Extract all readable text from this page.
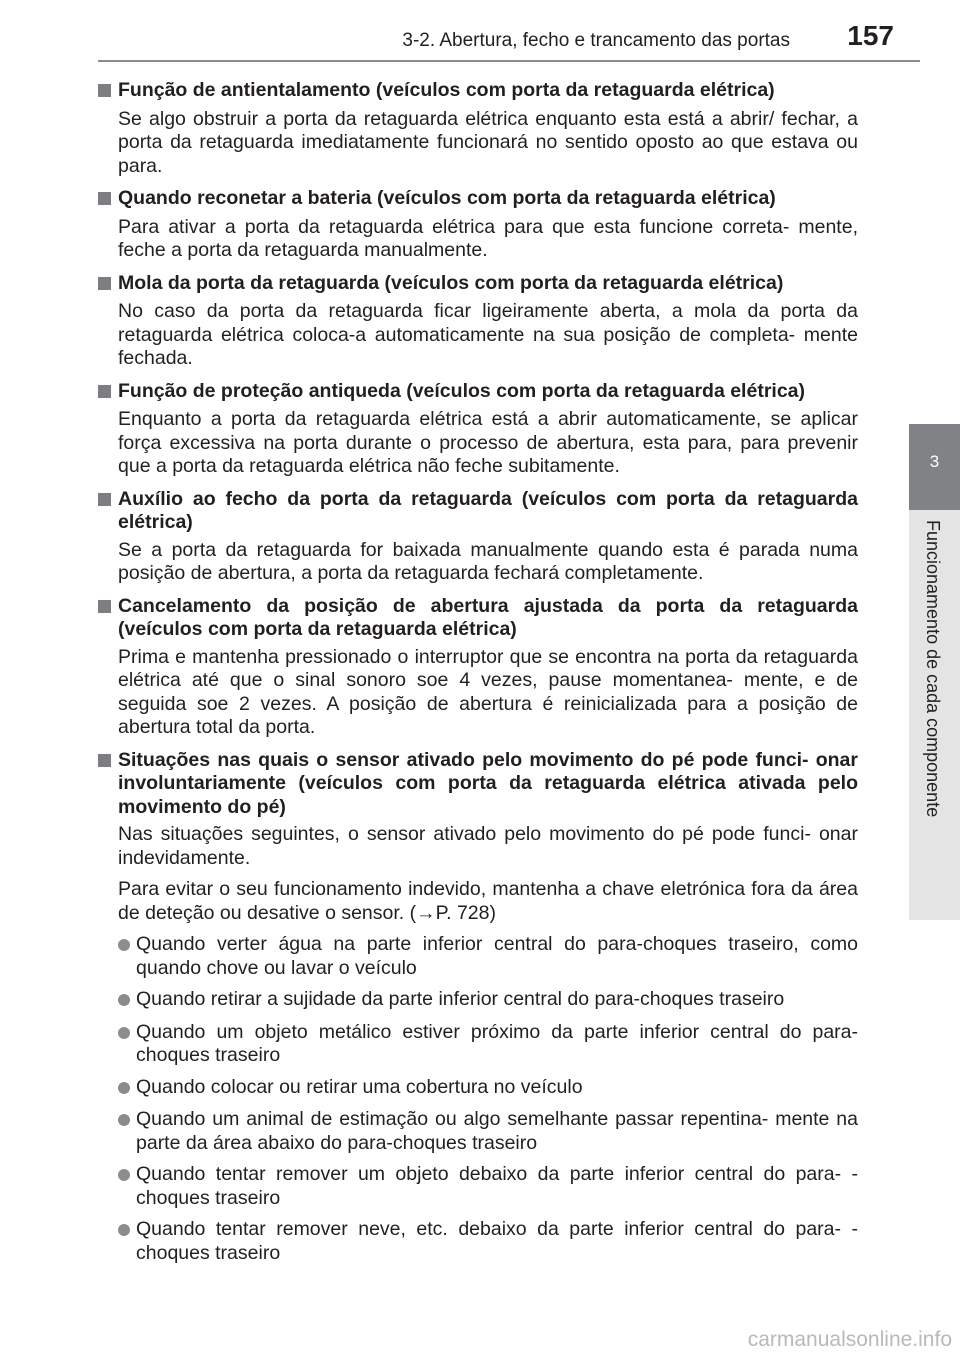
3-2. Abertura, fecho e trancamento das portas 157
3
Funcionamento de cada componente
Função de antientalamento (veículos com porta da retaguarda elétrica)
Se algo obstruir a porta da retaguarda elétrica enquanto esta está a abrir/ fechar, a porta da retaguarda imediatamente funcionará no sentido oposto ao que estava ou para.
Quando reconetar a bateria (veículos com porta da retaguarda elétrica)
Para ativar a porta da retaguarda elétrica para que esta funcione correta- mente, feche a porta da retaguarda manualmente.
Mola da porta da retaguarda (veículos com porta da retaguarda elétrica)
No caso da porta da retaguarda ficar ligeiramente aberta, a mola da porta da retaguarda elétrica coloca-a automaticamente na sua posição de completa- mente fechada.
Função de proteção antiqueda (veículos com porta da retaguarda elétrica)
Enquanto a porta da retaguarda elétrica está a abrir automaticamente, se aplicar força excessiva na porta durante o processo de abertura, esta para, para prevenir que a porta da retaguarda elétrica não feche subitamente.
Auxílio ao fecho da porta da retaguarda (veículos com porta da retaguarda elétrica)
Se a porta da retaguarda for baixada manualmente quando esta é parada numa posição de abertura, a porta da retaguarda fechará completamente.
Cancelamento da posição de abertura ajustada da porta da retaguarda (veículos com porta da retaguarda elétrica)
Prima e mantenha pressionado o interruptor que se encontra na porta da retaguarda elétrica até que o sinal sonoro soe 4 vezes, pause momentanea- mente, e de seguida soe 2 vezes. A posição de abertura é reinicializada para a posição de abertura total da porta.
Situações nas quais o sensor ativado pelo movimento do pé pode funci- onar involuntariamente (veículos com porta da retaguarda elétrica ativada pelo movimento do pé)
Nas situações seguintes, o sensor ativado pelo movimento do pé pode funci- onar indevidamente.
Para evitar o seu funcionamento indevido, mantenha a chave eletrónica fora da área de deteção ou desative o sensor. (→P. 728)
Quando verter água na parte inferior central do para-choques traseiro, como quando chove ou lavar o veículo
Quando retirar a sujidade da parte inferior central do para-choques traseiro
Quando um objeto metálico estiver próximo da parte inferior central do para-choques traseiro
Quando colocar ou retirar uma cobertura no veículo
Quando um animal de estimação ou algo semelhante passar repentina- mente na parte da área abaixo do para-choques traseiro
Quando tentar remover um objeto debaixo da parte inferior central do para- -choques traseiro
Quando tentar remover neve, etc. debaixo da parte inferior central do para- -choques traseiro
carmanualsonline.info
